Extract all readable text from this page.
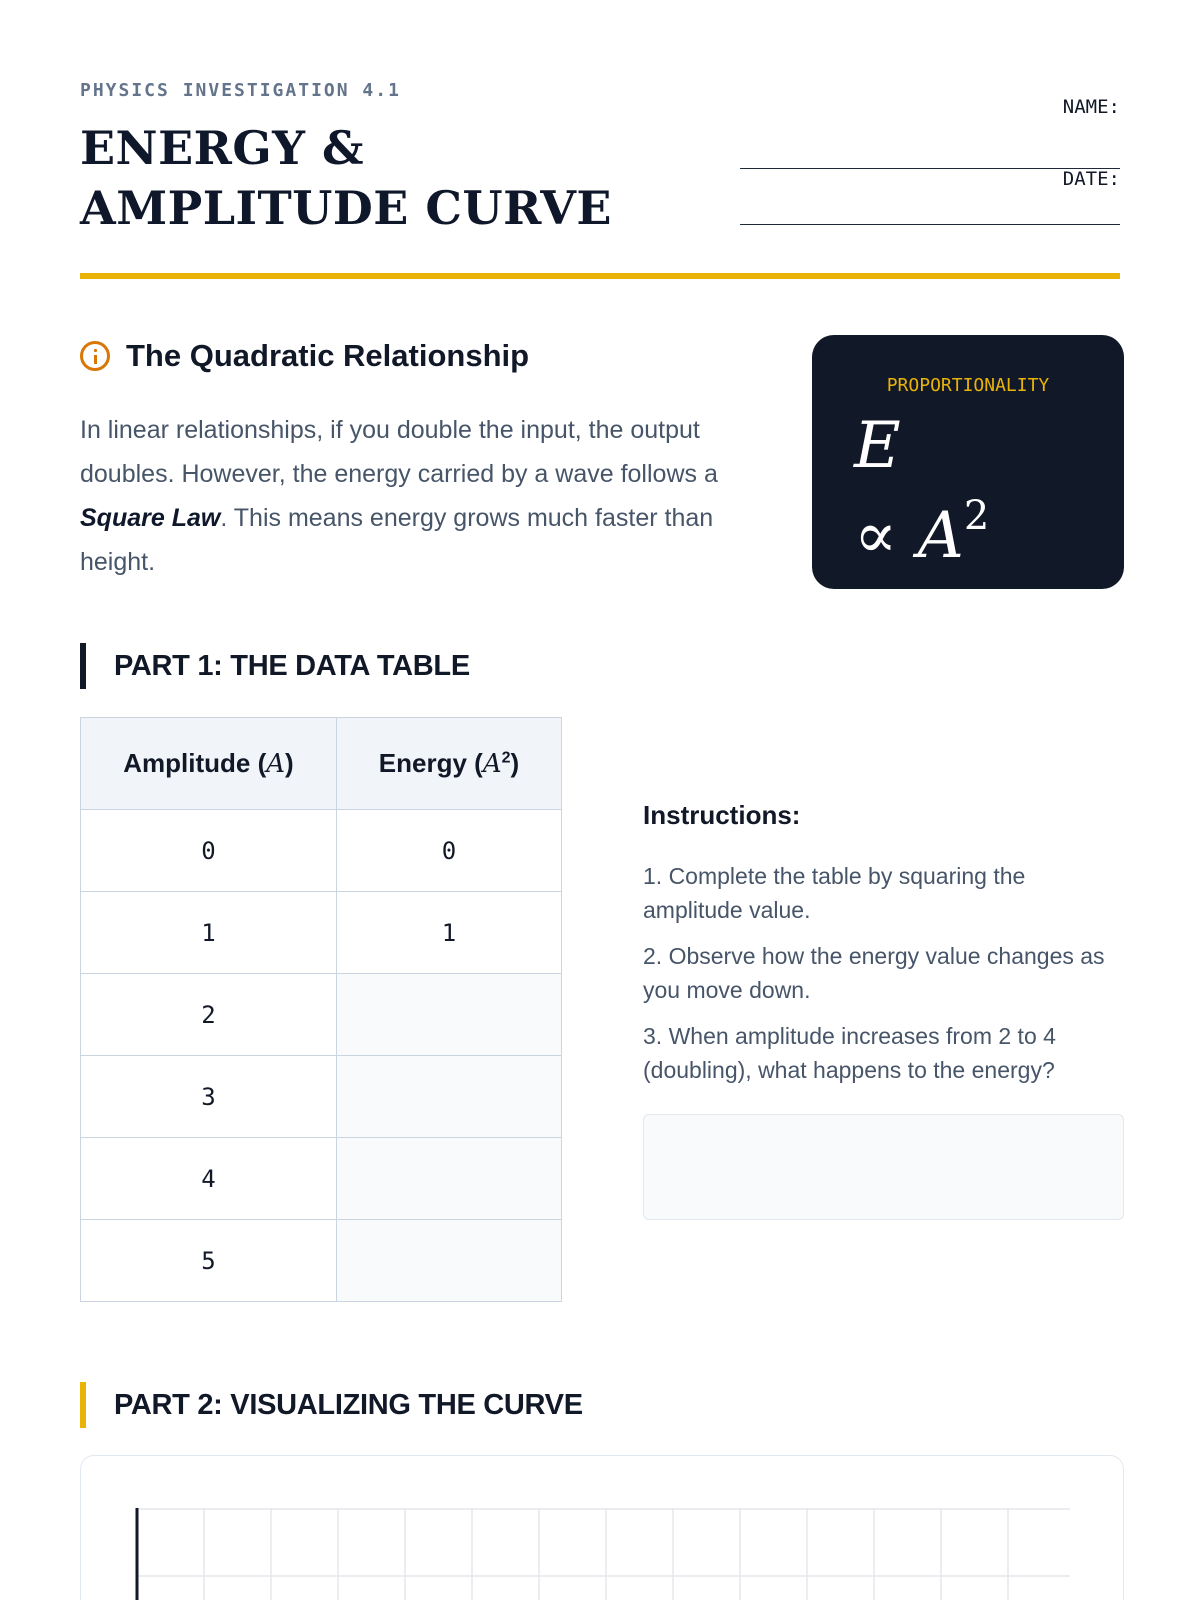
PHYSICS INVESTIGATION 4.1
ENERGY & AMPLITUDE CURVE
NAME:
DATE:
The Quadratic Relationship

In linear relationships, if you double the input, the output doubles. However, the energy carried by a wave follows a Square Law. This means energy grows much faster than height.

PROPORTIONALITY
E
∝ $A^2$
PART 1: THE DATA TABLE
Amplitude (A)	Energy $(A^2)$
0	0
1	1
2	
3	
4	
5	
Instructions:
1. Complete the table by squaring the amplitude value.
2. Observe how the energy value changes as you move down.
3. When amplitude increases from 2 to 4 (doubling), what happens to the energy?
PART 2: VISUALIZING THE CURVE
